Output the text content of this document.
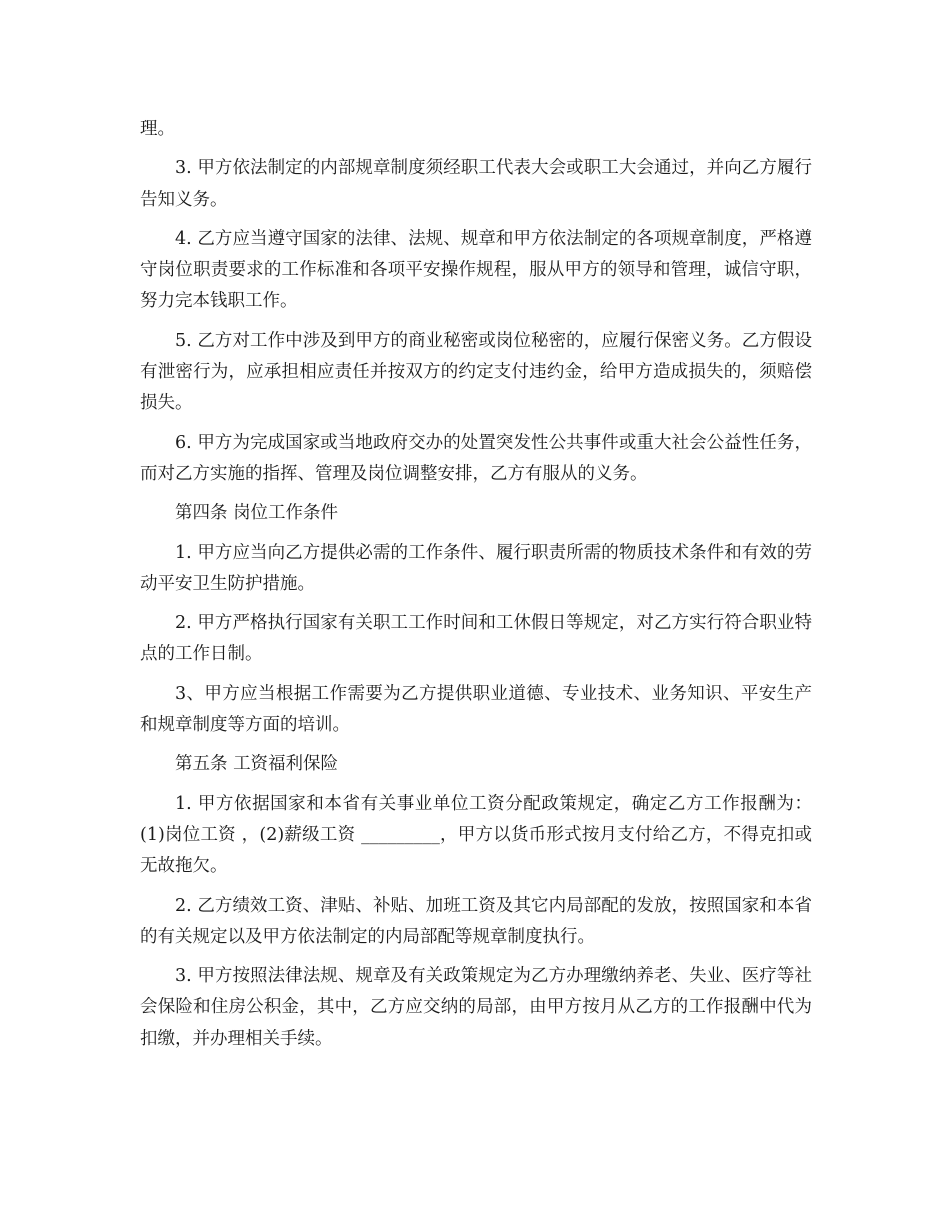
理。

3. 甲方依法制定的内部规章制度须经职工代表大会或职工大会通过，并向乙方履行告知义务。

4. 乙方应当遵守国家的法律、法规、规章和甲方依法制定的各项规章制度，严格遵守岗位职责要求的工作标准和各项平安操作规程，服从甲方的领导和管理，诚信守职，努力完本钱职工作。

5. 乙方对工作中涉及到甲方的商业秘密或岗位秘密的，应履行保密义务。乙方假设有泄密行为，应承担相应责任并按双方的约定支付违约金，给甲方造成损失的，须赔偿损失。

6. 甲方为完成国家或当地政府交办的处置突发性公共事件或重大社会公益性任务，而对乙方实施的指挥、管理及岗位调整安排，乙方有服从的义务。

第四条 岗位工作条件

1. 甲方应当向乙方提供必需的工作条件、履行职责所需的物质技术条件和有效的劳动平安卫生防护措施。

2. 甲方严格执行国家有关职工工作时间和工休假日等规定，对乙方实行符合职业特点的工作日制。

3、甲方应当根据工作需要为乙方提供职业道德、专业技术、业务知识、平安生产和规章制度等方面的培训。

第五条 工资福利保险

1. 甲方依据国家和本省有关事业单位工资分配政策规定，确定乙方工作报酬为：(1)岗位工资 ，(2)薪级工资 _________，甲方以货币形式按月支付给乙方，不得克扣或无故拖欠。

2. 乙方绩效工资、津贴、补贴、加班工资及其它内局部配的发放，按照国家和本省的有关规定以及甲方依法制定的内局部配等规章制度执行。

3. 甲方按照法律法规、规章及有关政策规定为乙方办理缴纳养老、失业、医疗等社会保险和住房公积金，其中，乙方应交纳的局部，由甲方按月从乙方的工作报酬中代为扣缴，并办理相关手续。
